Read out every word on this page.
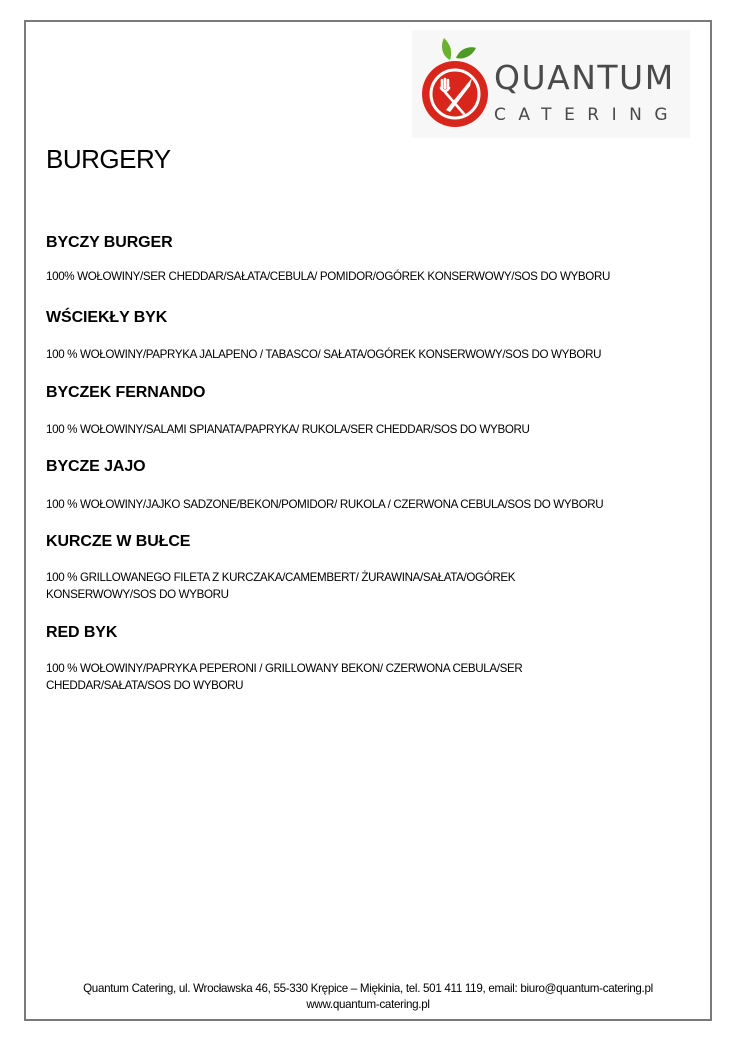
QUANTUM
CATERING
BURGERY

BYCZY BURGER

100% WOŁOWINY/SER CHEDDAR/SAŁATA/CEBULA/ POMIDOR/OGÓREK KONSERWOWY/SOS DO WYBORU

WŚCIEKŁY BYK

100 % WOŁOWINY/PAPRYKA JALAPENO / TABASCO/ SAŁATA/OGÓREK KONSERWOWY/SOS DO WYBORU

BYCZEK FERNANDO

100 % WOŁOWINY/SALAMI SPIANATA/PAPRYKA/ RUKOLA/SER CHEDDAR/SOS DO WYBORU

BYCZE JAJO

100 % WOŁOWINY/JAJKO SADZONE/BEKON/POMIDOR/ RUKOLA / CZERWONA CEBULA/SOS DO WYBORU

KURCZE W BUŁCE

100 % GRILLOWANEGO FILETA Z KURCZAKA/CAMEMBERT/ ŻURAWINA/SAŁATA/OGÓREK KONSERWOWY/SOS DO WYBORU

RED BYK

100 % WOŁOWINY/PAPRYKA PEPERONI / GRILLOWANY BEKON/ CZERWONA CEBULA/SER CHEDDAR/SAŁATA/SOS DO WYBORU

Quantum Catering, ul. Wrocławska 46, 55-330 Krępice – Miękinia, tel. 501 411 119, email: biuro@quantum-catering.pl
www.quantum-catering.pl
